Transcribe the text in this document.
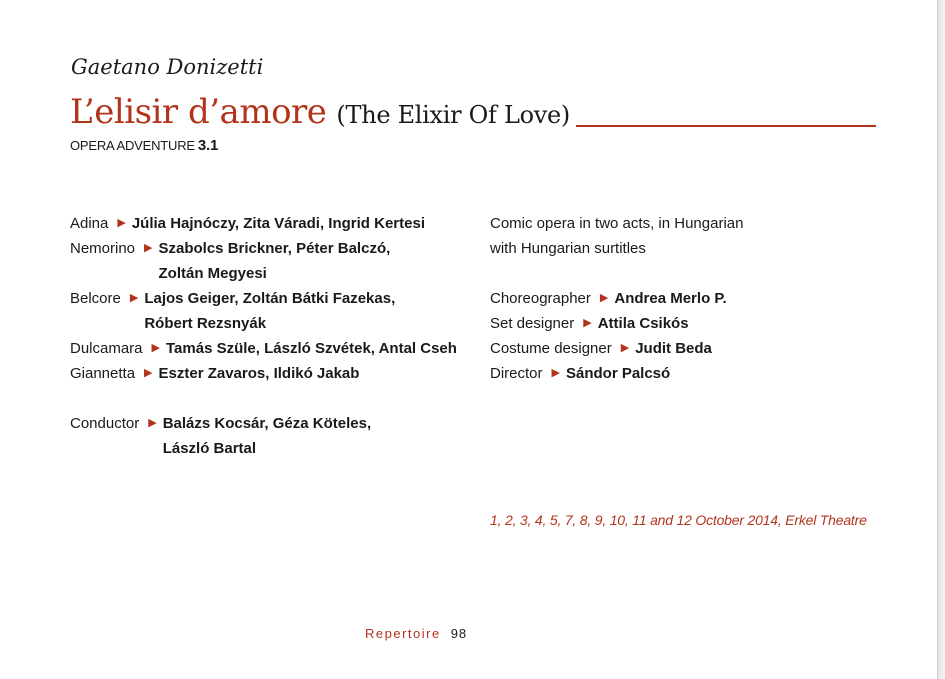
Gaetano Donizetti
L’elisir d’amore (The Elixir Of Love)
OPERA ADVENTURE 3.1
Adina ▶ Júlia Hajnóczy, Zita Váradi, Ingrid Kertesi
Nemorino ▶ Szabolcs Brickner, Péter Balczó,
Zoltán Megyesi
Belcore ▶ Lajos Geiger, Zoltán Bátki Fazekas,
Róbert Rezsnyák
Dulcamara ▶ Tamás Szüle, László Szvétek, Antal Cseh
Giannetta ▶ Eszter Zavaros, Ildikó Jakab
Conductor ▶ Balázs Kocsár, Géza Köteles,
László Bartal
Comic opera in two acts, in Hungarian
with Hungarian surtitles
Choreographer ▶ Andrea Merlo P.
Set designer ▶ Attila Csikós
Costume designer ▶ Judit Beda
Director ▶ Sándor Palcsó
1, 2, 3, 4, 5, 7, 8, 9, 10, 11 and 12 October 2014, Erkel Theatre
Repertoire 98
